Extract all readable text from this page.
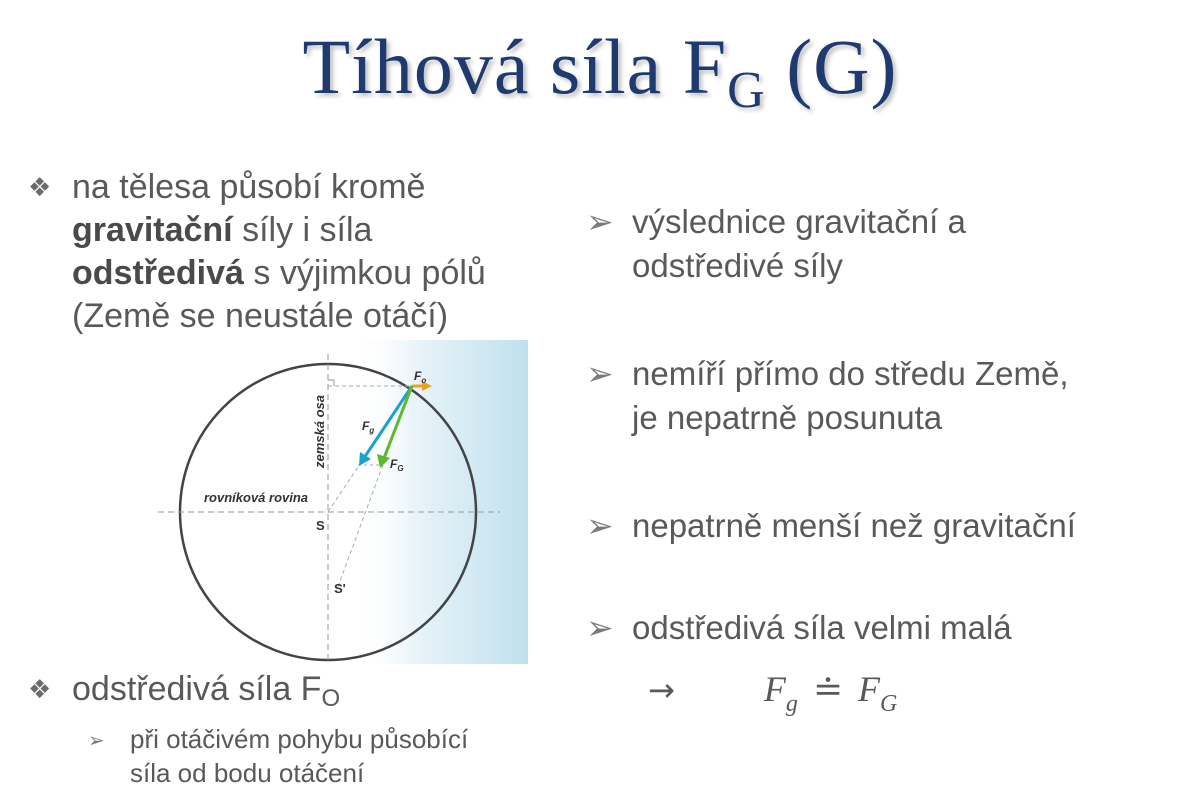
Tíhová síla $F_G$ (G)
❖ na tělesa působí kromě
gravitační síly i síla
odstředivá s výjimkou pólů
(Země se neustále otáčí)
zemská osa
rovníková rovina
S
S'
$F_o$
$F_g$
$F_G$
❖ odstředivá síla FO
➢ při otáčivém pohybu působící
síla od bodu otáčení
➢ výslednice gravitační a
odstředivé síly
➢ nemíří přímo do středu Země,
je nepatrně posunuta
➢ nepatrně menší než gravitační
➢ odstředivá síla velmi malá
→ $F_g$ ≐ $F_G$
